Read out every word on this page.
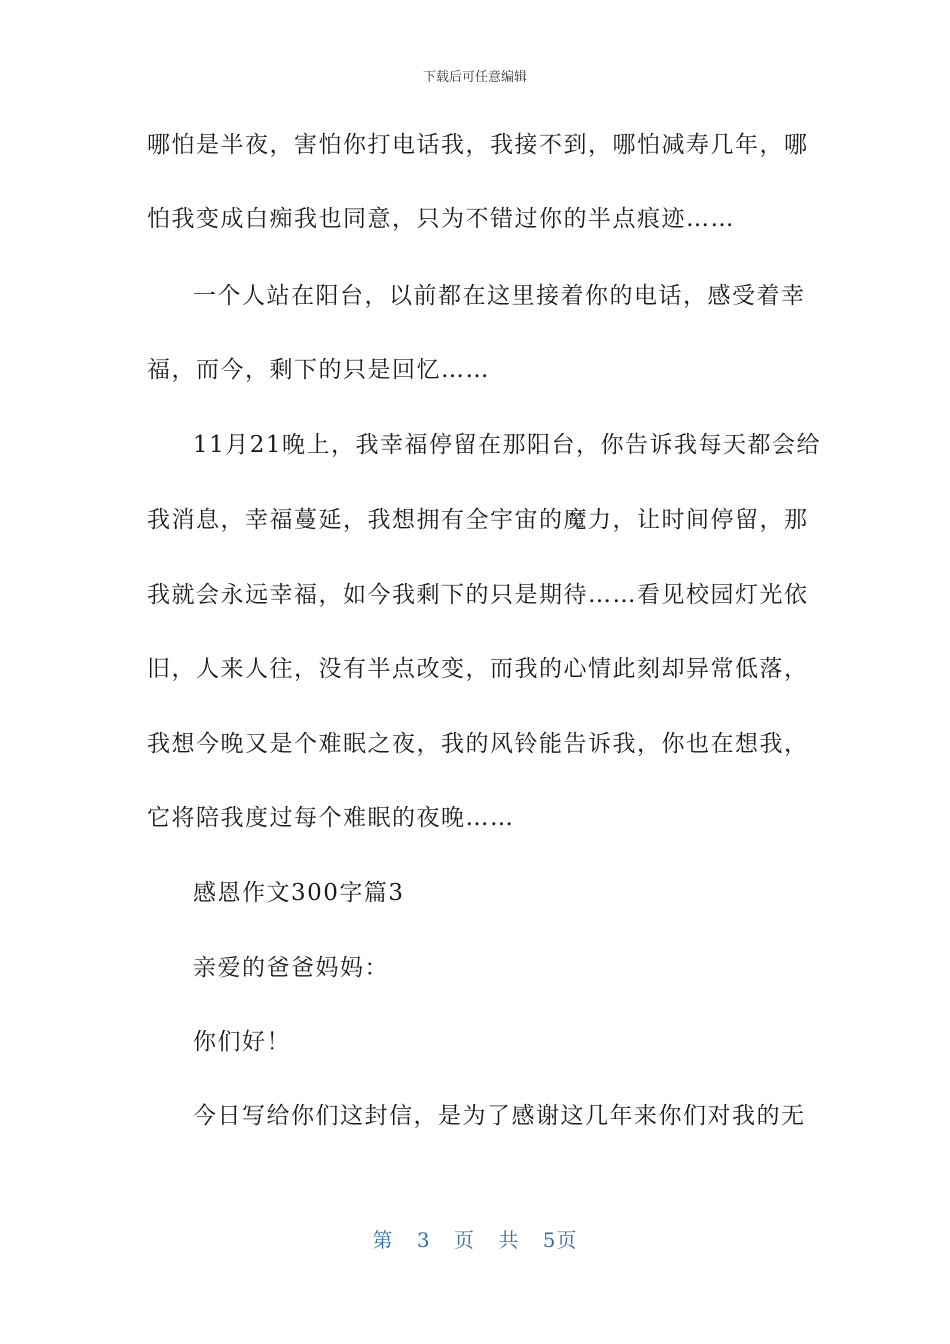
下载后可任意编辑

哪怕是半夜，害怕你打电话我，我接不到，哪怕减寿几年，哪

怕我变成白痴我也同意，只为不错过你的半点痕迹……

一个人站在阳台，以前都在这里接着你的电话，感受着幸

福，而今，剩下的只是回忆……

11月21晚上，我幸福停留在那阳台，你告诉我每天都会给

我消息，幸福蔓延，我想拥有全宇宙的魔力，让时间停留，那

我就会永远幸福，如今我剩下的只是期待……看见校园灯光依

旧，人来人往，没有半点改变，而我的心情此刻却异常低落，

我想今晚又是个难眠之夜，我的风铃能告诉我，你也在想我，

它将陪我度过每个难眠的夜晚……

感恩作文300字篇3

亲爱的爸爸妈妈：

你们好！

今日写给你们这封信，是为了感谢这几年来你们对我的无

第 3 页 共 5页
